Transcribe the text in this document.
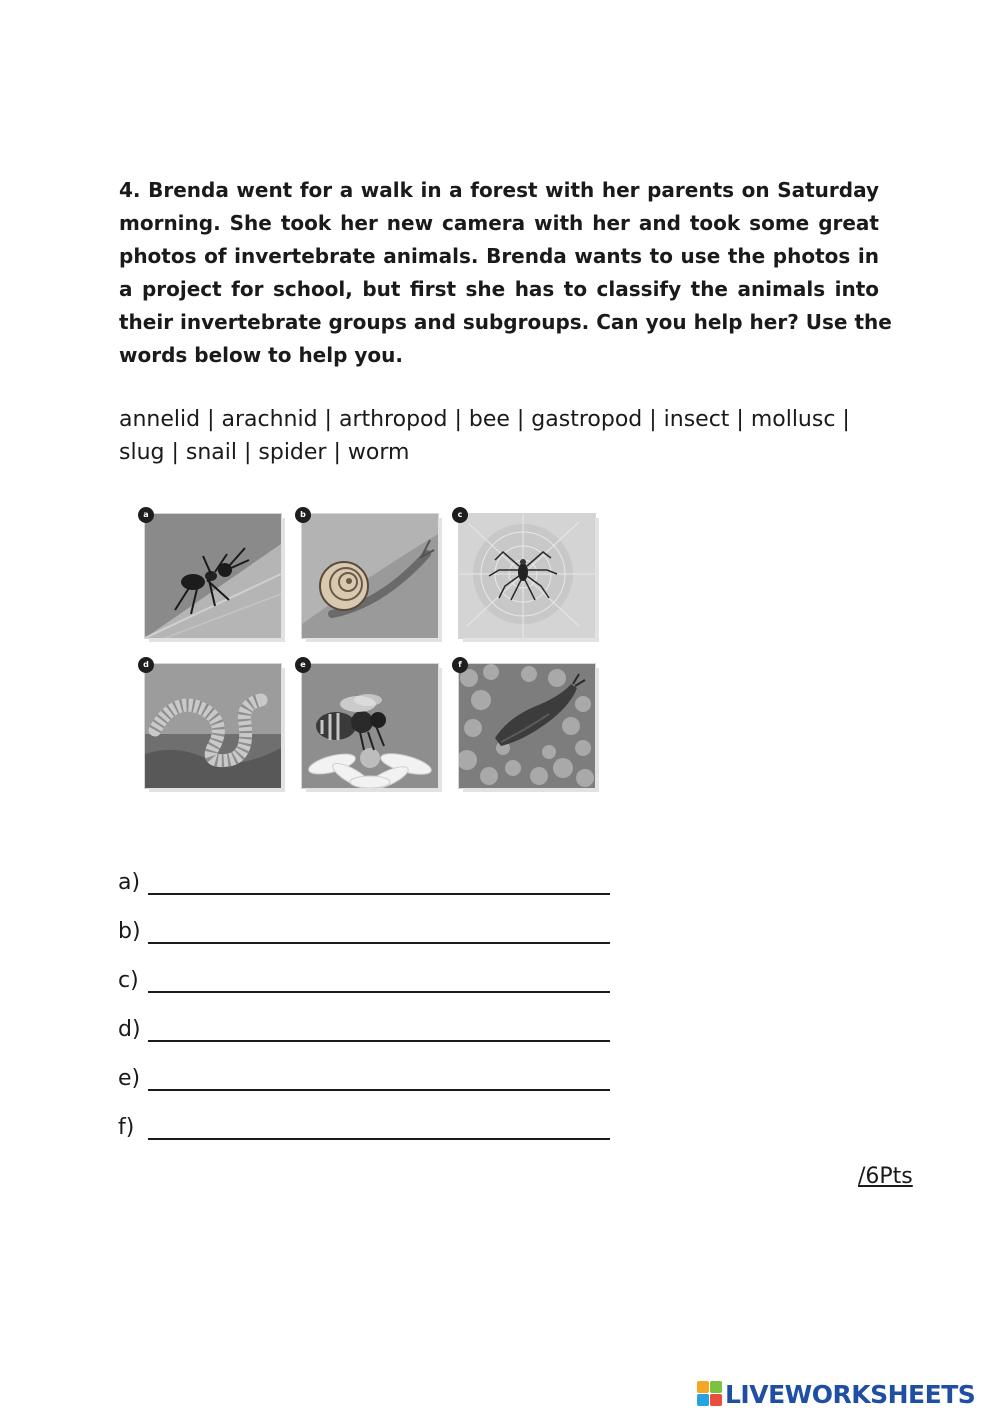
4. Brenda went for a walk in a forest with her parents on Saturday
morning. She took her new camera with her and took some great
photos of invertebrate animals. Brenda wants to use the photos in
a project for school, but first she has to classify the animals into
their invertebrate groups and subgroups. Can you help her? Use the
words below to help you.

annelid | arachnid | arthropod | bee | gastropod | insect | mollusc |
slug | snail | spider | worm

a	b	c
d	e	f
a)
b)
c)
d)
e)
f)
/6Pts
LIVEWORKSHEETS
